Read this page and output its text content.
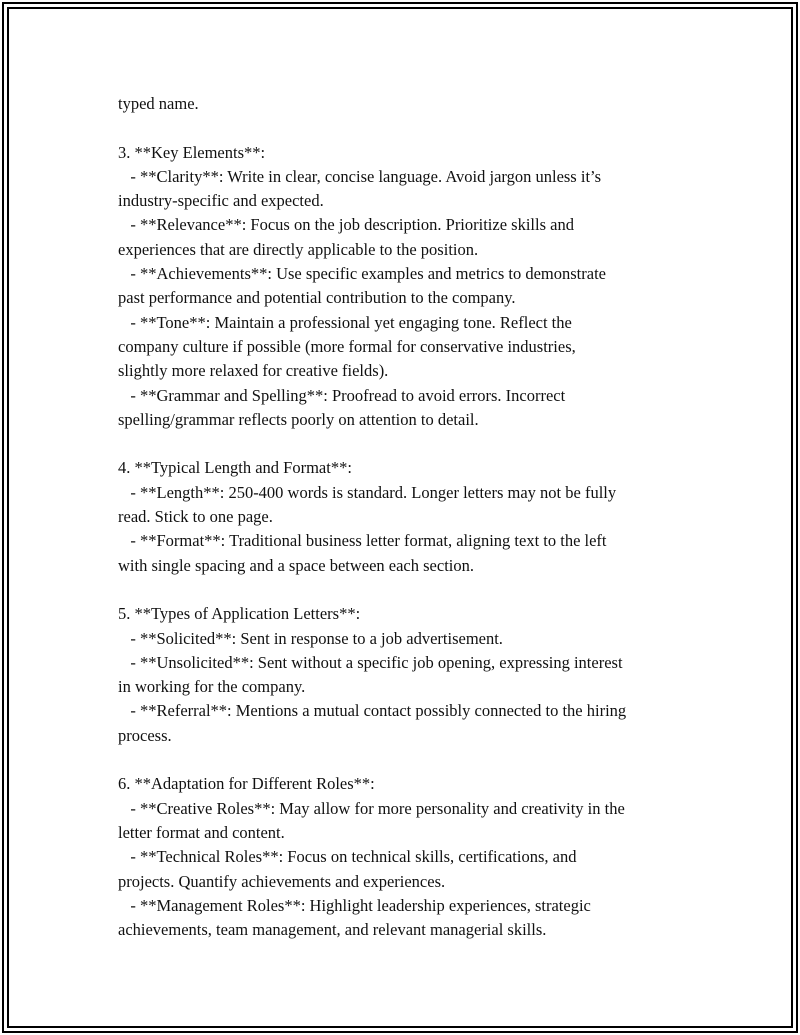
typed name.
3. **Key Elements**:
- **Clarity**: Write in clear, concise language. Avoid jargon unless it’s
industry-specific and expected.
- **Relevance**: Focus on the job description. Prioritize skills and
experiences that are directly applicable to the position.
- **Achievements**: Use specific examples and metrics to demonstrate
past performance and potential contribution to the company.
- **Tone**: Maintain a professional yet engaging tone. Reflect the
company culture if possible (more formal for conservative industries,
slightly more relaxed for creative fields).
- **Grammar and Spelling**: Proofread to avoid errors. Incorrect
spelling/grammar reflects poorly on attention to detail.
4. **Typical Length and Format**:
- **Length**: 250-400 words is standard. Longer letters may not be fully
read. Stick to one page.
- **Format**: Traditional business letter format, aligning text to the left
with single spacing and a space between each section.
5. **Types of Application Letters**:
- **Solicited**: Sent in response to a job advertisement.
- **Unsolicited**: Sent without a specific job opening, expressing interest
in working for the company.
- **Referral**: Mentions a mutual contact possibly connected to the hiring
process.
6. **Adaptation for Different Roles**:
- **Creative Roles**: May allow for more personality and creativity in the
letter format and content.
- **Technical Roles**: Focus on technical skills, certifications, and
projects. Quantify achievements and experiences.
- **Management Roles**: Highlight leadership experiences, strategic
achievements, team management, and relevant managerial skills.
